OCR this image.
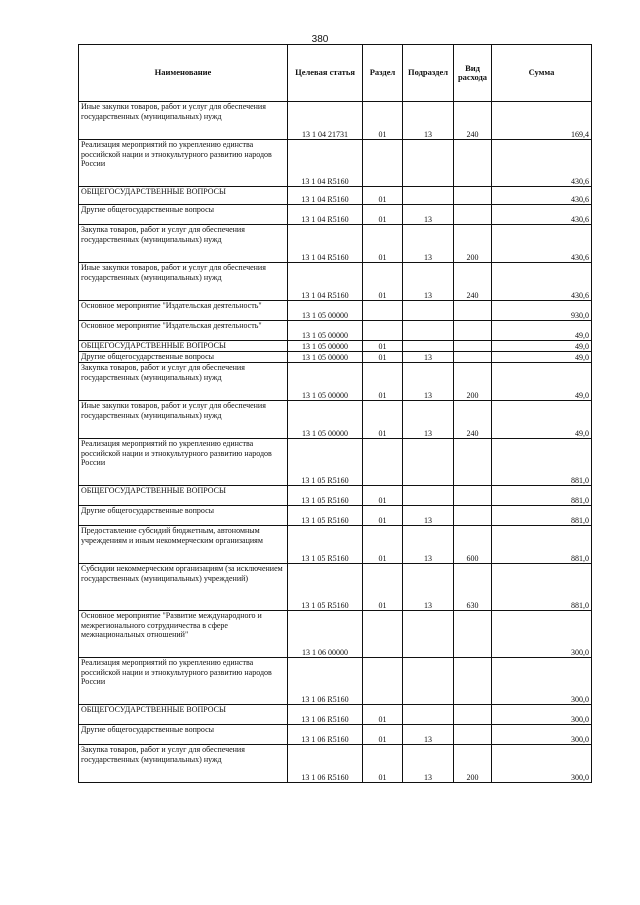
380
Наименование	Целевая статья	Раздел	Подраздел	Вид расхода	Сумма
Иные закупки товаров, работ и услуг для обеспечения государственных (муниципальных) нужд	13 1 04 21731	01	13	240	169,4
Реализация мероприятий по укреплению единства российской нации и этнокультурного развитию народов России	13 1 04 R5160				430,6
ОБЩЕГОСУДАРСТВЕННЫЕ ВОПРОСЫ	13 1 04 R5160	01			430,6
Другие общегосударственные вопросы	13 1 04 R5160	01	13		430,6
Закупка товаров, работ и услуг для обеспечения государственных (муниципальных) нужд	13 1 04 R5160	01	13	200	430,6
Иные закупки товаров, работ и услуг для обеспечения государственных (муниципальных) нужд	13 1 04 R5160	01	13	240	430,6
Основное мероприятие "Издательская деятельность"	13 1 05 00000				930,0
Основное мероприятие "Издательская деятельность"	13 1 05 00000				49,0
ОБЩЕГОСУДАРСТВЕННЫЕ ВОПРОСЫ	13 1 05 00000	01			49,0
Другие общегосударственные вопросы	13 1 05 00000	01	13		49,0
Закупка товаров, работ и услуг для обеспечения государственных (муниципальных) нужд	13 1 05 00000	01	13	200	49,0
Иные закупки товаров, работ и услуг для обеспечения государственных (муниципальных) нужд	13 1 05 00000	01	13	240	49,0
Реализация мероприятий по укреплению единства российской нации и этнокультурного развитию народов России	13 1 05 R5160				881,0
ОБЩЕГОСУДАРСТВЕННЫЕ ВОПРОСЫ	13 1 05 R5160	01			881,0
Другие общегосударственные вопросы	13 1 05 R5160	01	13		881,0
Предоставление субсидий бюджетным, автономным учреждениям и иным некоммерческим организациям	13 1 05 R5160	01	13	600	881,0
Субсидии некоммерческим организациям (за исключением государственных (муниципальных) учреждений)	13 1 05 R5160	01	13	630	881,0
Основное мероприятие "Развитие международного и межрегионального сотрудничества в сфере межнациональных отношений"	13 1 06 00000				300,0
Реализация мероприятий по укреплению единства российской нации и этнокультурного развитию народов России	13 1 06 R5160				300,0
ОБЩЕГОСУДАРСТВЕННЫЕ ВОПРОСЫ	13 1 06 R5160	01			300,0
Другие общегосударственные вопросы	13 1 06 R5160	01	13		300,0
Закупка товаров, работ и услуг для обеспечения государственных (муниципальных) нужд	13 1 06 R5160	01	13	200	300,0
